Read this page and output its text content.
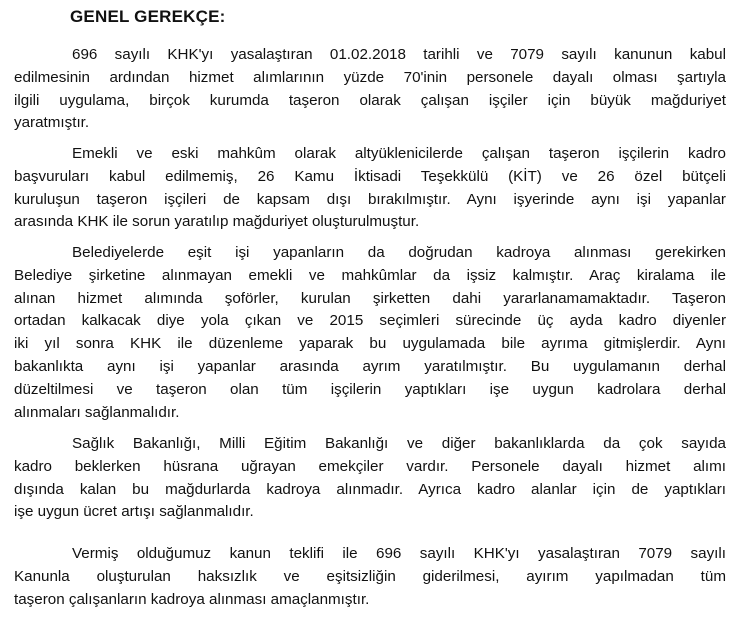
GENEL GEREKÇE:
696 sayılı KHK'yı yasalaştıran 01.02.2018 tarihli ve 7079 sayılı kanunun kabul
edilmesinin ardından hizmet alımlarının yüzde 70'inin personele dayalı olması şartıyla
ilgili uygulama, birçok kurumda taşeron olarak çalışan işçiler için büyük mağduriyet
yaratmıştır.
Emekli ve eski mahkûm olarak altyüklenicilerde çalışan taşeron işçilerin kadro
başvuruları kabul edilmemiş, 26 Kamu İktisadi Teşekkülü (KİT) ve 26 özel bütçeli
kuruluşun taşeron işçileri de kapsam dışı bırakılmıştır. Aynı işyerinde aynı işi yapanlar
arasında KHK ile sorun yaratılıp mağduriyet oluşturulmuştur.
Belediyelerde eşit işi yapanların da doğrudan kadroya alınması gerekirken
Belediye şirketine alınmayan emekli ve mahkûmlar da işsiz kalmıştır. Araç kiralama ile
alınan hizmet alımında şoförler, kurulan şirketten dahi yararlanamamaktadır. Taşeron
ortadan kalkacak diye yola çıkan ve 2015 seçimleri sürecinde üç ayda kadro diyenler
iki yıl sonra KHK ile düzenleme yaparak bu uygulamada bile ayrıma gitmişlerdir. Aynı
bakanlıkta aynı işi yapanlar arasında ayrım yaratılmıştır. Bu uygulamanın derhal
düzeltilmesi ve taşeron olan tüm işçilerin yaptıkları işe uygun kadrolara derhal
alınmaları sağlanmalıdır.
Sağlık Bakanlığı, Milli Eğitim Bakanlığı ve diğer bakanlıklarda da çok sayıda
kadro beklerken hüsrana uğrayan emekçiler vardır. Personele dayalı hizmet alımı
dışında kalan bu mağdurlarda kadroya alınmadır. Ayrıca kadro alanlar için de yaptıkları
işe uygun ücret artışı sağlanmalıdır.
Vermiş olduğumuz kanun teklifi ile 696 sayılı KHK'yı yasalaştıran 7079 sayılı
Kanunla oluşturulan haksızlık ve eşitsizliğin giderilmesi, ayırım yapılmadan tüm
taşeron çalışanların kadroya alınması amaçlanmıştır.
